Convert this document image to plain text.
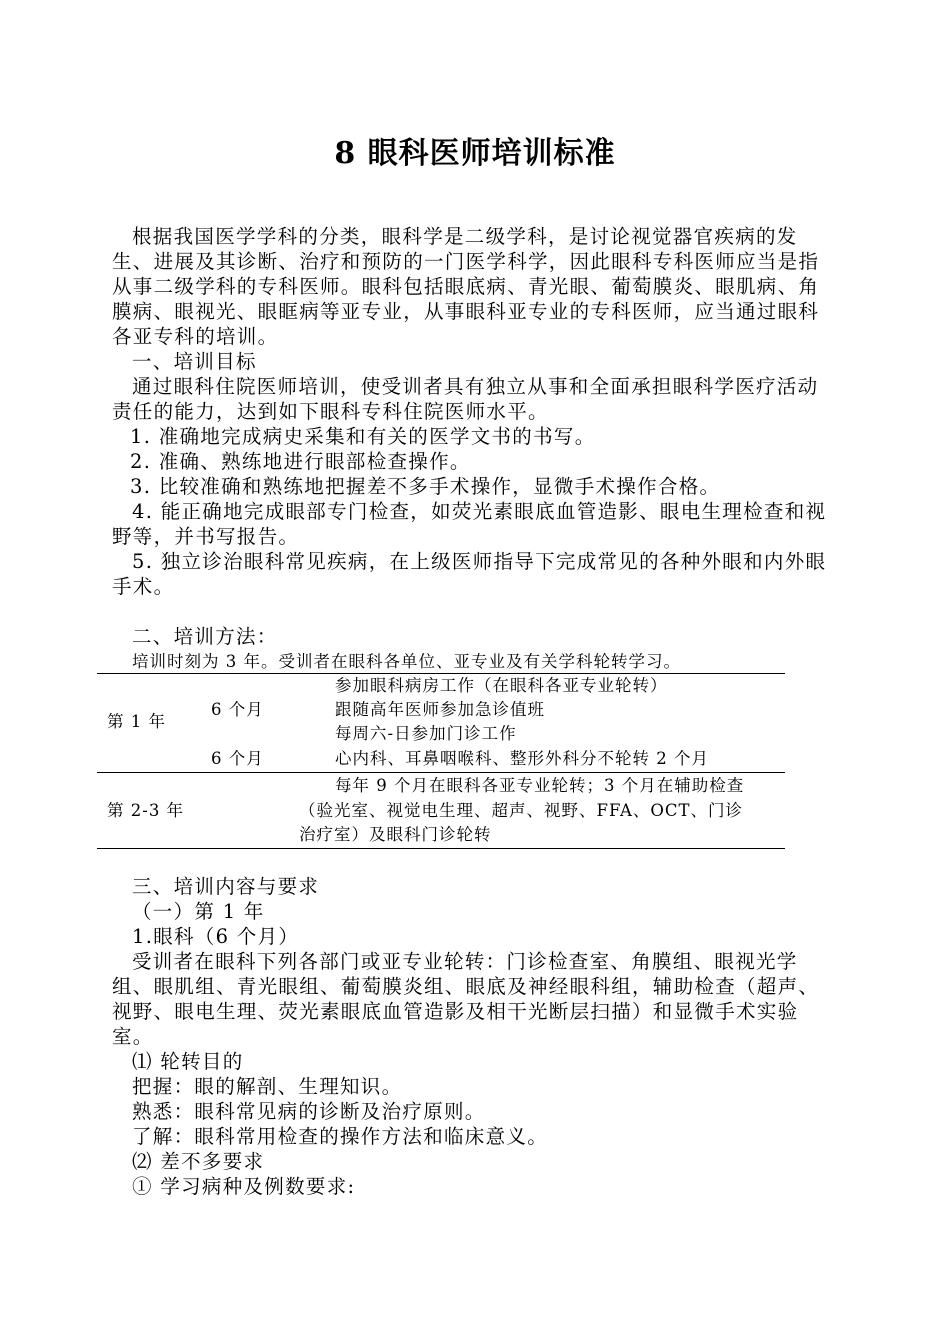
8 眼科医师培训标准

根据我国医学学科的分类，眼科学是二级学科，是讨论视觉器官疾病的发生、进展及其诊断、治疗和预防的一门医学科学，因此眼科专科医师应当是指从事二级学科的专科医师。眼科包括眼底病、青光眼、葡萄膜炎、眼肌病、角膜病、眼视光、眼眶病等亚专业，从事眼科亚专业的专科医师，应当通过眼科各亚专科的培训。

一、培训目标

通过眼科住院医师培训，使受训者具有独立从事和全面承担眼科学医疗活动责任的能力，达到如下眼科专科住院医师水平。

1. 准确地完成病史采集和有关的医学文书的书写。

2. 准确、熟练地进行眼部检查操作。

3. 比较准确和熟练地把握差不多手术操作，显微手术操作合格。

4. 能正确地完成眼部专门检查，如荧光素眼底血管造影、眼电生理检查和视野等，并书写报告。

5. 独立诊治眼科常见疾病，在上级医师指导下完成常见的各种外眼和内外眼手术。

二、培训方法：

培训时刻为 3 年。受训者在眼科各单位、亚专业及有关学科轮转学习。

第 1 年
6 个月
参加眼科病房工作（在眼科各亚专业轮转）
跟随高年医师参加急诊值班
每周六-日参加门诊工作
6 个月	心内科、耳鼻咽喉科、整形外科分不轮转 2 个月
第 2-3 年
每年 9 个月在眼科各亚专业轮转；3 个月在辅助检查
（验光室、视觉电生理、超声、视野、FFA、OCT、门诊
治疗室）及眼科门诊轮转

三、培训内容与要求

（一）第 1 年

1.眼科（6 个月）

受训者在眼科下列各部门或亚专业轮转：门诊检查室、角膜组、眼视光学组、眼肌组、青光眼组、葡萄膜炎组、眼底及神经眼科组，辅助检查（超声、视野、眼电生理、荧光素眼底血管造影及相干光断层扫描）和显微手术实验室。

⑴ 轮转目的

把握：眼的解剖、生理知识。

熟悉：眼科常见病的诊断及治疗原则。

了解：眼科常用检查的操作方法和临床意义。

⑵ 差不多要求

① 学习病种及例数要求:
